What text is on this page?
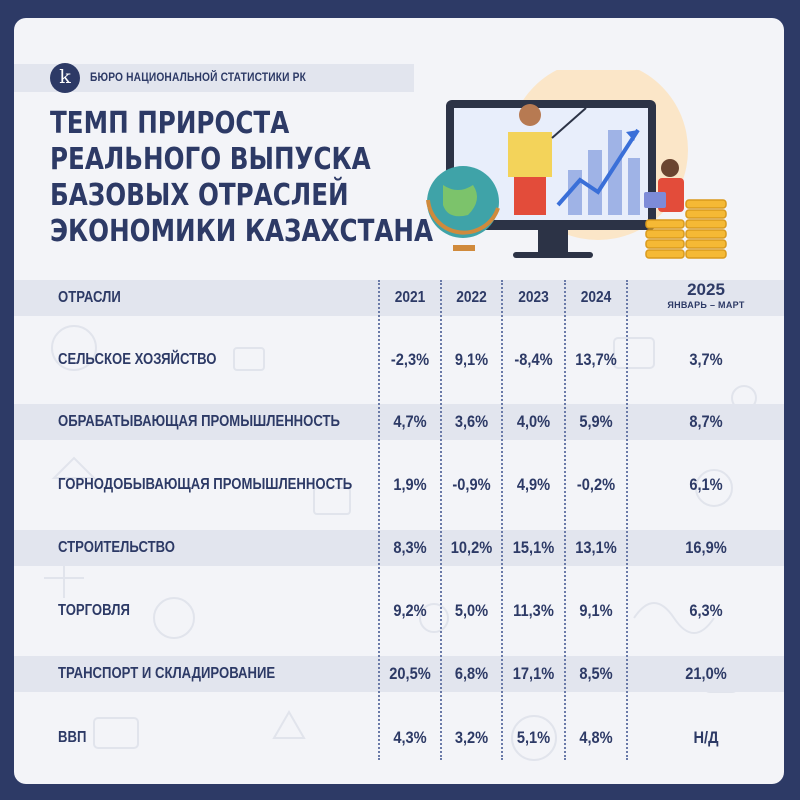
k	БЮРО НАЦИОНАЛЬНОЙ СТАТИСТИКИ РК
ТЕМП ПРИРОСТА
РЕАЛЬНОГО ВЫПУСКА
БАЗОВЫХ ОТРАСЛЕЙ
ЭКОНОМИКИ КАЗАХСТАНА
ОТРАСЛИ	2021	2022	2023	2024	2025
ЯНВАРЬ – МАРТ
СЕЛЬСКОЕ ХОЗЯЙСТВО	-2,3%	9,1%	-8,4%	13,7%	3,7%
ОБРАБАТЫВАЮЩАЯ ПРОМЫШЛЕННОСТЬ	4,7%	3,6%	4,0%	5,9%	8,7%
ГОРНОДОБЫВАЮЩАЯ ПРОМЫШЛЕННОСТЬ	1,9%	-0,9%	4,9%	-0,2%	6,1%
СТРОИТЕЛЬСТВО	8,3%	10,2%	15,1%	13,1%	16,9%
ТОРГОВЛЯ	9,2%	5,0%	11,3%	9,1%	6,3%
ТРАНСПОРТ И СКЛАДИРОВАНИЕ	20,5%	6,8%	17,1%	8,5%	21,0%
ВВП	4,3%	3,2%	5,1%	4,8%	Н/Д
